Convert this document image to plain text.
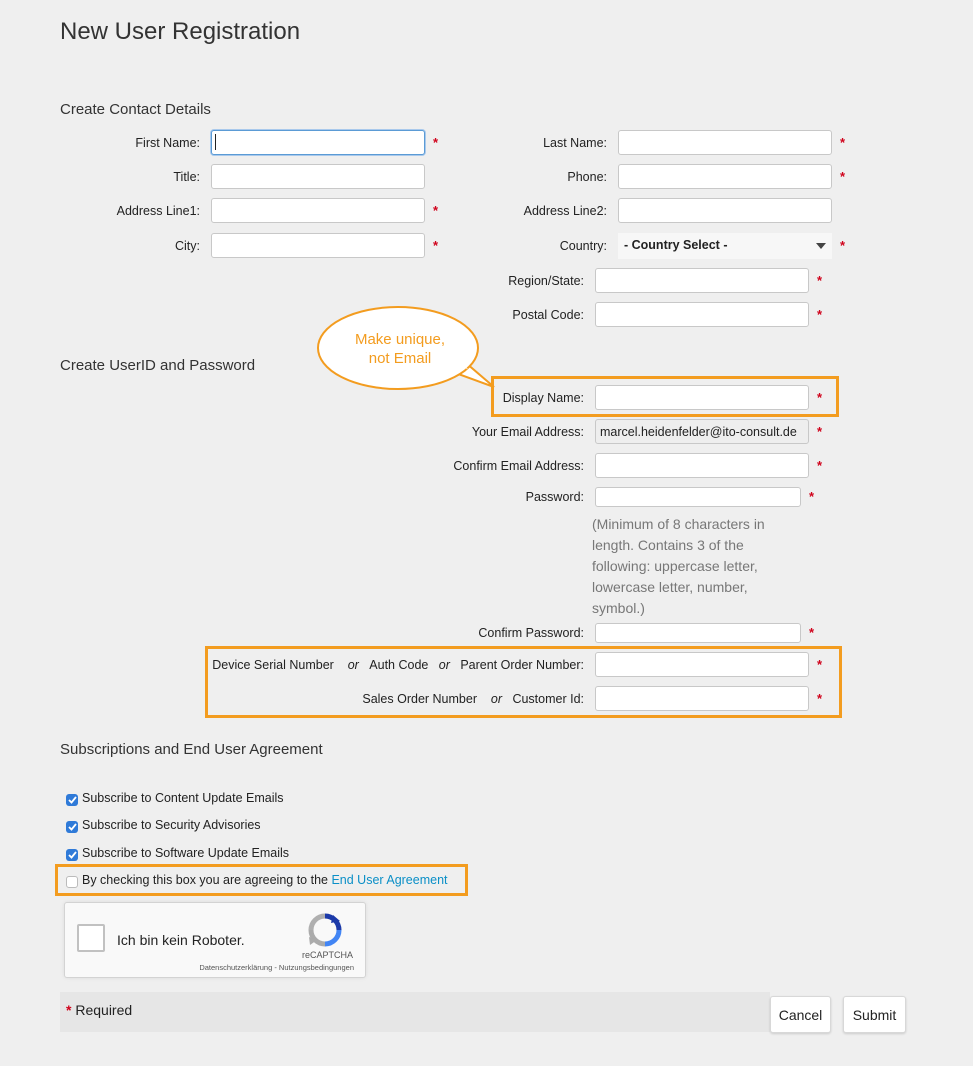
New User Registration
Create Contact Details
First Name:	*	Last Name:	*
Title:	Phone:	*
Address Line1:	*	Address Line2:
City:	*	Country:	- Country Select -	*
Region/State:	*
Postal Code:	*
Create UserID and Password
Make unique,
not Email
Display Name:	*
Your Email Address:
marcel.heidenfelder@ito-consult.de	*
Confirm Email Address:	*
Password:	*
(Minimum of 8 characters in length. Contains 3 of the following: uppercase letter, lowercase letter, number, symbol.)
Confirm Password:	*
Device Serial Number or Auth Code or Parent Order Number:	*
Sales Order Number or Customer Id:	*
Subscriptions and End User Agreement
Subscribe to Content Update Emails
Subscribe to Security Advisories
Subscribe to Software Update Emails
By checking this box you are agreeing to the End User Agreement
Ich bin kein Roboter.
reCAPTCHA
Datenschutzerklärung - Nutzungsbedingungen
* Required	Cancel	Submit
